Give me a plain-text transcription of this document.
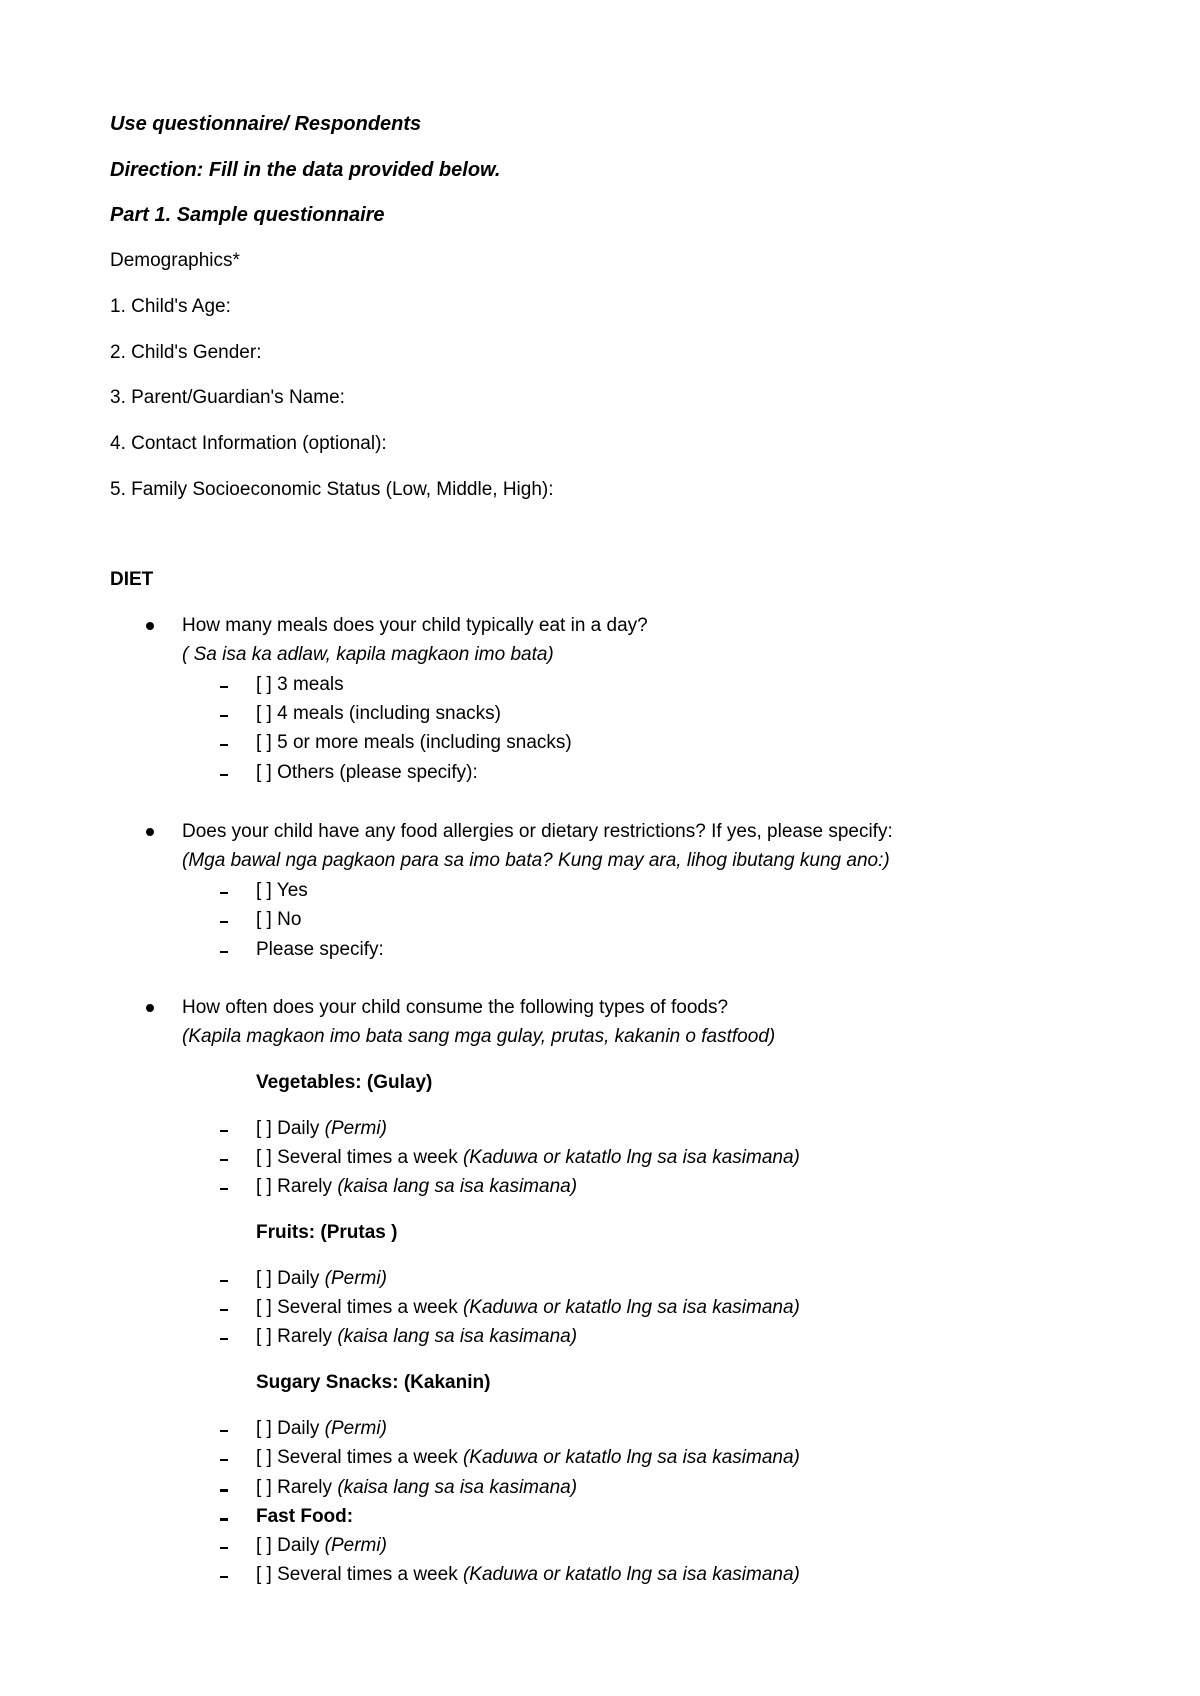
Use questionnaire/ Respondents
Direction: Fill in the data provided below.
Part 1. Sample questionnaire
Demographics*
1. Child's Age:
2. Child's Gender:
3. Parent/Guardian's Name:
4. Contact Information (optional):
5. Family Socioeconomic Status (Low, Middle, High):
DIET
How many meals does your child typically eat in a day?
( Sa isa ka adlaw, kapila magkaon imo bata)
[ ] 3 meals
[ ] 4 meals (including snacks)
[ ] 5 or more meals (including snacks)
[ ] Others (please specify):
Does your child have any food allergies or dietary restrictions? If yes, please specify:
(Mga bawal nga pagkaon para sa imo bata? Kung may ara, lihog ibutang kung ano:)
[ ] Yes
[ ] No
Please specify:
How often does your child consume the following types of foods?
(Kapila magkaon imo bata sang mga gulay, prutas, kakanin o fastfood)
Vegetables: (Gulay)
[ ] Daily (Permi)
[ ] Several times a week (Kaduwa or katatlo lng sa isa kasimana)
[ ] Rarely (kaisa lang sa isa kasimana)
Fruits: (Prutas )
[ ] Daily (Permi)
[ ] Several times a week (Kaduwa or katatlo lng sa isa kasimana)
[ ] Rarely (kaisa lang sa isa kasimana)
Sugary Snacks: (Kakanin)
[ ] Daily (Permi)
[ ] Several times a week (Kaduwa or katatlo lng sa isa kasimana)
[ ] Rarely (kaisa lang sa isa kasimana)
Fast Food:
[ ] Daily (Permi)
[ ] Several times a week (Kaduwa or katatlo lng sa isa kasimana)
